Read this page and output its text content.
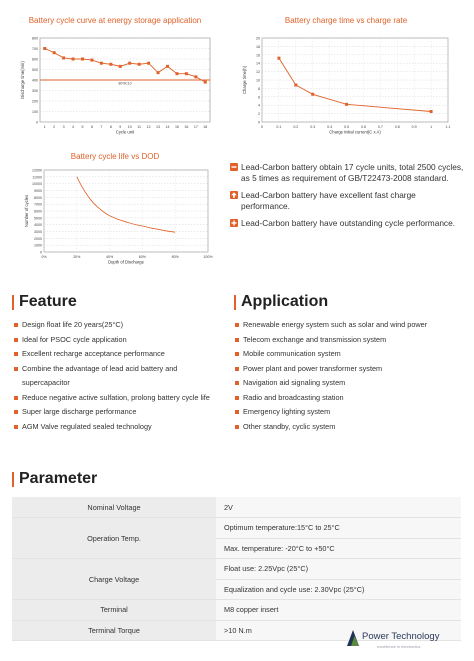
Battery cycle curve at energy storage application
0
100
200
300
400
500
600
700
800
1 2 3 4 5 6 7 8 9 10 11 12 13 14 15 16 17 18
Cycle unit
Discharge time(min)	80%C10
Battery charge time vs charge rate
0
2
4
6
8
10
12
14
16
18
20
0	0.1	0.2	0.3	0.4	0.5	0.6	0.7	0.8	0.9	1	1.1
Charge initial current(C x A)
Charge time(h)
Battery cycle life vs DOD
0
1000
2000
3000
4000
5000
6000
7000
8000
9000
10000
11000
12000
0%	20%	40%	60%	80%	100%
Depth of Discharge
Number of cycles
Lead-Carbon battery obtain 17 cycle units, total 2500 cycles, as 5 times as requirement of GB/T22473-2008 standard.
Lead-Carbon battery have excellent fast charge performance.
Lead-Carbon battery have outstanding cycle performance.
Feature
Design float life 20 years(25°C)
Ideal for PSOC cycle application
Excellent recharge acceptance performance
Combine the advantage of lead acid battery and
supercapacitor
Reduce negative active sulfation, prolong battery cycle life
Super large discharge performance
AGM Valve regulated sealed technology
Application
Renewable energy system such as solar and wind power
Telecom exchange and transmission system
Mobile communication system
Power plant and power transformer system
Navigation aid signaling system
Radio and broadcasting station
Emergency lighting system
Other standby, cyclic system
Parameter
Nominal Voltage	2V
Operation Temp.	Optimum temperature:15°C to 25°C
	Max. temperature: -20°C to +50°C
Charge Voltage	Float use: 2.25Vpc (25°C)
	Equalization and cycle use: 2.30Vpc (25°C)
Terminal	M8 copper insert
Terminal Torque	>10 N.m
Power Technology
excellence in electronics
